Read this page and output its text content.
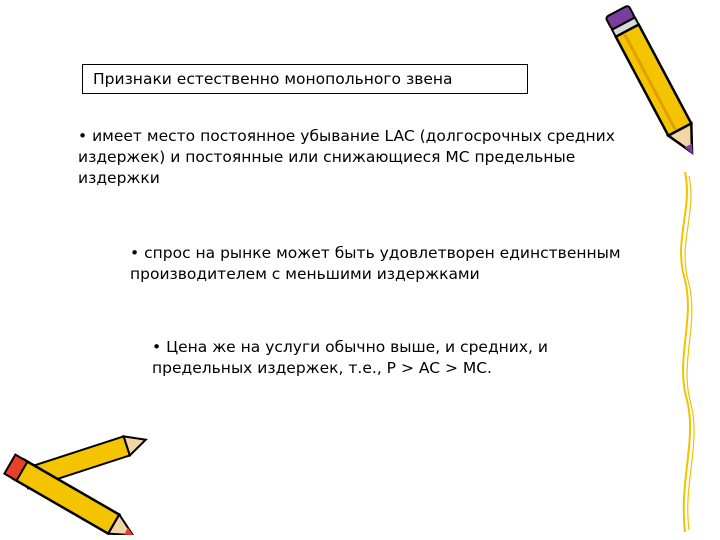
Признаки естественно монопольного звена
• имеет место постоянное убывание LAC (долгосрочных средних издержек) и постоянные или снижающиеся MC предельные издержки
• спрос на рынке может быть удовлетворен единственным производителем с меньшими издержками
• Цена же на услуги обычно выше, и средних, и предельных издержек, т.е., P > AC > MC.
